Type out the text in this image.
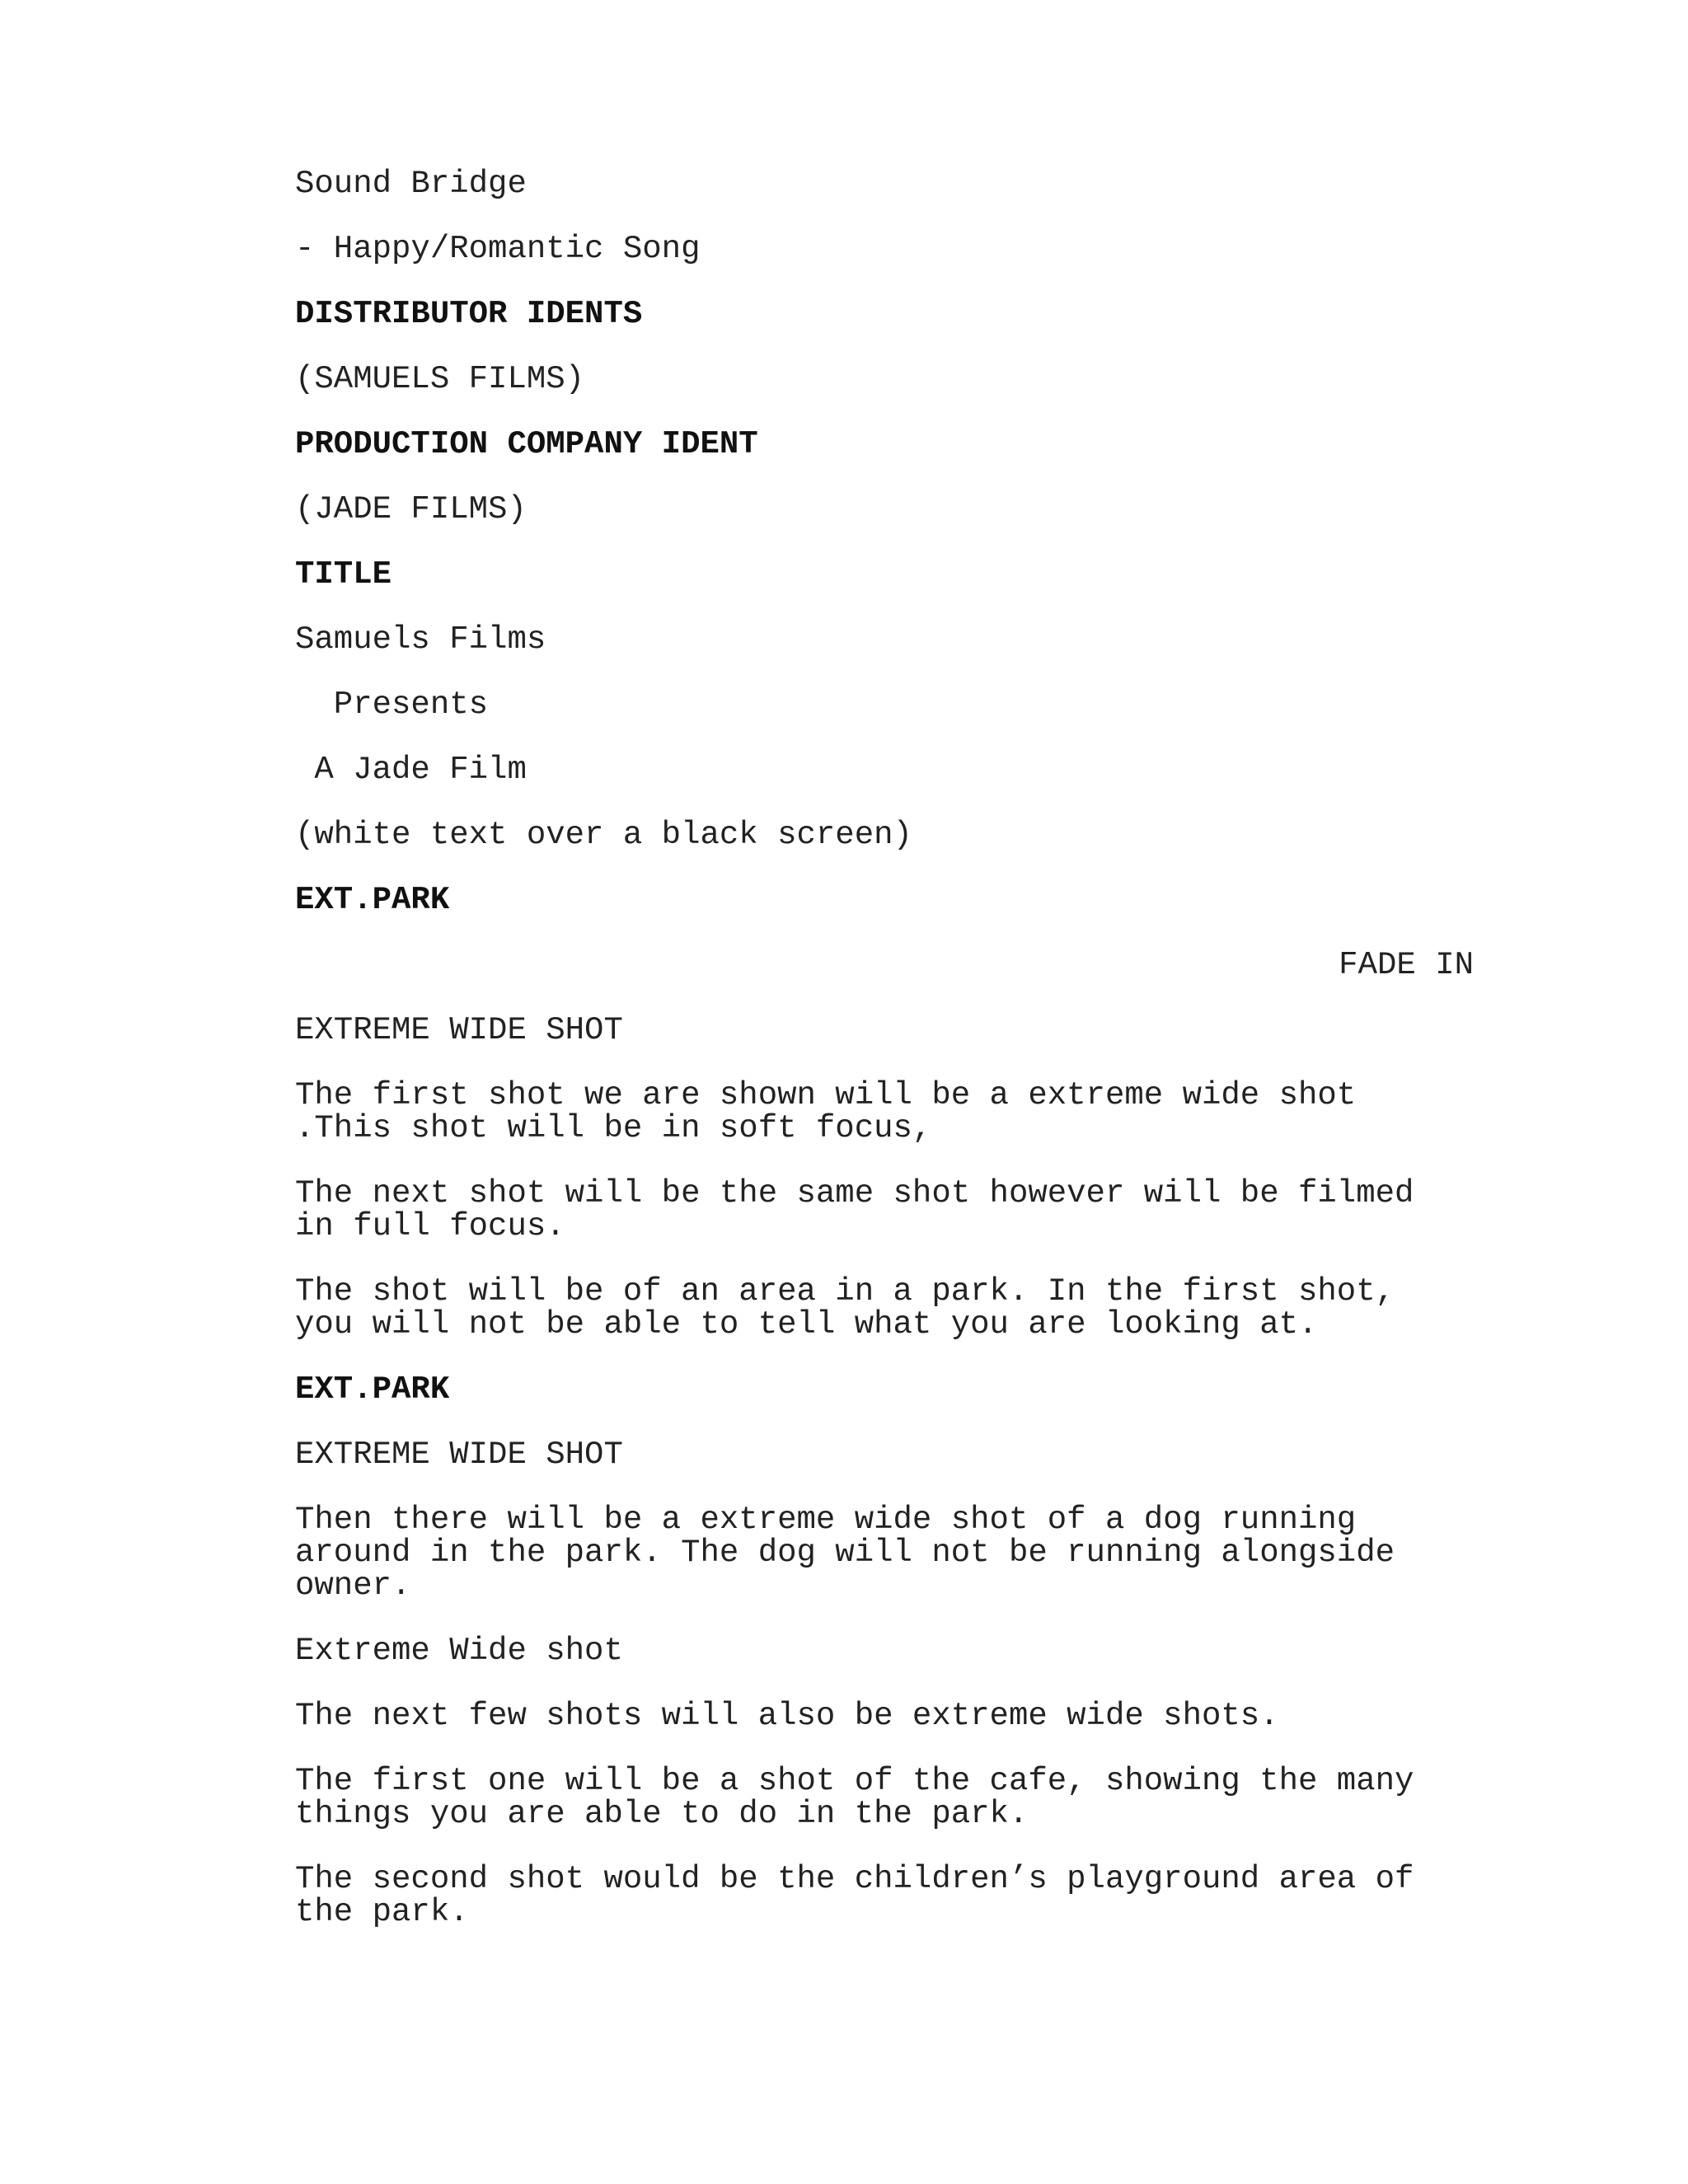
Sound Bridge

- Happy/Romantic Song

DISTRIBUTOR IDENTS

(SAMUELS FILMS)

PRODUCTION COMPANY IDENT

(JADE FILMS)

TITLE

Samuels Films

Presents

A Jade Film

(white text over a black screen)

EXT.PARK

FADE IN

EXTREME WIDE SHOT

The first shot we are shown will be a extreme wide shot
.This shot will be in soft focus,

The next shot will be the same shot however will be filmed
in full focus.

The shot will be of an area in a park. In the first shot,
you will not be able to tell what you are looking at.

EXT.PARK

EXTREME WIDE SHOT

Then there will be a extreme wide shot of a dog running
around in the park. The dog will not be running alongside
owner.

Extreme Wide shot

The next few shots will also be extreme wide shots.

The first one will be a shot of the cafe, showing the many
things you are able to do in the park.

The second shot would be the children’s playground area of
the park.
